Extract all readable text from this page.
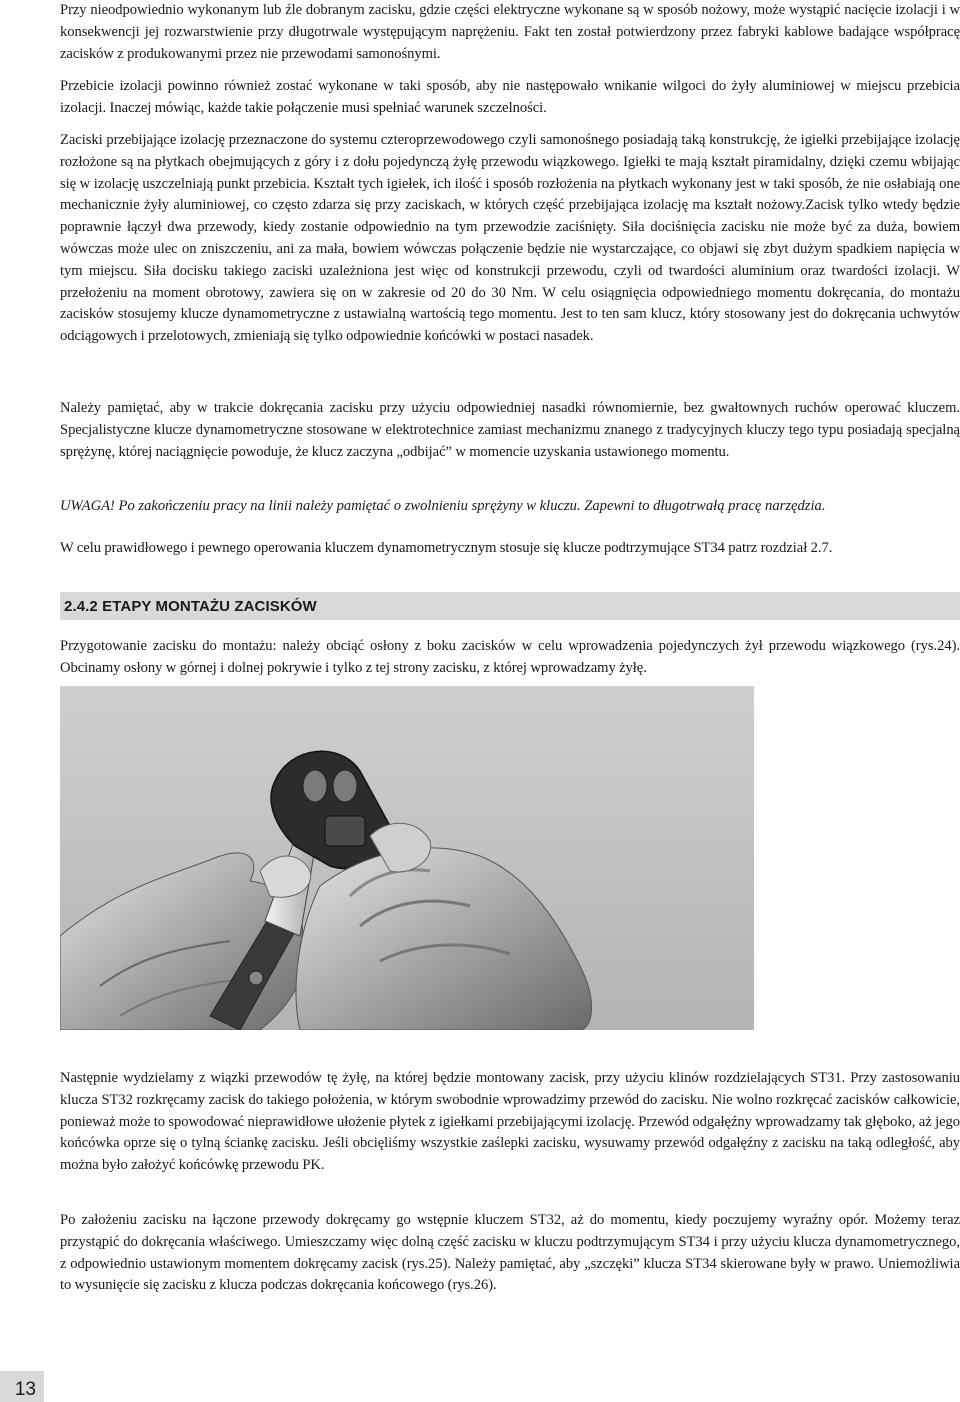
Przy nieodpowiednio wykonanym lub źle dobranym zacisku, gdzie części elektryczne wykonane są w sposób nożowy, może wystąpić nacięcie izolacji i w konsekwencji jej rozwarstwienie przy długotrwale występującym naprężeniu. Fakt ten został potwierdzony przez fabryki kablowe badające współpracę zacisków z produkowanymi przez nie przewodami samonośnymi.

Przebicie izolacji powinno również zostać wykonane w taki sposób, aby nie następowało wnikanie wilgoci do żyły aluminiowej w miejscu przebicia izolacji. Inaczej mówiąc, każde takie połączenie musi spełniać warunek szczelności.

Zaciski przebijające izolację przeznaczone do systemu czteroprzewodowego czyli samonośnego posiadają taką konstrukcję, że igiełki przebijające izolację rozłożone są na płytkach obejmujących z góry i z dołu pojedynczą żyłę przewodu wiązkowego. Igiełki te mają kształt piramidalny, dzięki czemu wbijając się w izolację uszczelniają punkt przebicia. Kształt tych igiełek, ich ilość i sposób rozłożenia na płytkach wykonany jest w taki sposób, że nie osłabiają one mechanicznie żyły aluminiowej, co często zdarza się przy zaciskach, w których część przebijająca izolację ma kształt nożowy.Zacisk tylko wtedy będzie poprawnie łączył dwa przewody, kiedy zostanie odpowiednio na tym przewodzie zaciśnięty. Siła dociśnięcia zacisku nie może być za duża, bowiem wówczas może ulec on zniszczeniu, ani za mała, bowiem wówczas połączenie będzie nie wystarczające, co objawi się zbyt dużym spadkiem napięcia w tym miejscu. Siła docisku takiego zaciski uzależniona jest więc od konstrukcji przewodu, czyli od twardości aluminium oraz twardości izolacji. W przełożeniu na moment obrotowy, zawiera się on w zakresie od 20 do 30 Nm. W celu osiągnięcia odpowiedniego momentu dokręcania, do montażu zacisków stosujemy klucze dynamometryczne z ustawialną wartością tego momentu. Jest to ten sam klucz, który stosowany jest do dokręcania uchwytów odciągowych i przelotowych, zmieniają się tylko odpowiednie końcówki w postaci nasadek.

Należy pamiętać, aby w trakcie dokręcania zacisku przy użyciu odpowiedniej nasadki równomiernie, bez gwałtownych ruchów operować kluczem. Specjalistyczne klucze dynamometryczne stosowane w elektrotechnice zamiast mechanizmu znanego z tradycyjnych kluczy tego typu posiadają specjalną sprężynę, której naciągnięcie powoduje, że klucz zaczyna „odbijać” w momencie uzyskania ustawionego momentu.

UWAGA! Po zakończeniu pracy na linii należy pamiętać o zwolnieniu sprężyny w kluczu. Zapewni to długotrwałą pracę narzędzia.

W celu prawidłowego i pewnego operowania kluczem dynamometrycznym stosuje się klucze podtrzymujące ST34 patrz rozdział 2.7.

2.4.2 ETAPY MONTAŻU ZACISKÓW

Przygotowanie zacisku do montażu: należy obciąć osłony z boku zacisków w celu wprowadzenia pojedynczych żył przewodu wiązkowego (rys.24). Obcinamy osłony w górnej i dolnej pokrywie i tylko z tej strony zacisku, z której wprowadzamy żyłę.

Następnie wydzielamy z wiązki przewodów tę żyłę, na której będzie montowany zacisk, przy użyciu klinów rozdzielających ST31. Przy zastosowaniu klucza ST32 rozkręcamy zacisk do takiego położenia, w którym swobodnie wprowadzimy przewód do zacisku. Nie wolno rozkręcać zacisków całkowicie, ponieważ może to spowodować nieprawidłowe ułożenie płytek z igiełkami przebijającymi izolację. Przewód odgałęźny wprowadzamy tak głęboko, aż jego końcówka oprze się o tylną ściankę zacisku. Jeśli obcięliśmy wszystkie zaślepki zacisku, wysuwamy przewód odgałęźny z zacisku na taką odległość, aby można było założyć końcówkę przewodu PK.

Po założeniu zacisku na łączone przewody dokręcamy go wstępnie kluczem ST32, aż do momentu, kiedy poczujemy wyraźny opór. Możemy teraz przystąpić do dokręcania właściwego. Umieszczamy więc dolną część zacisku w kluczu podtrzymującym ST34 i przy użyciu klucza dynamometrycznego, z odpowiednio ustawionym momentem dokręcamy zacisk (rys.25). Należy pamiętać, aby „szczęki” klucza ST34 skierowane były w prawo. Uniemożliwia to wysunięcie się zacisku z klucza podczas dokręcania końcowego (rys.26).

13
